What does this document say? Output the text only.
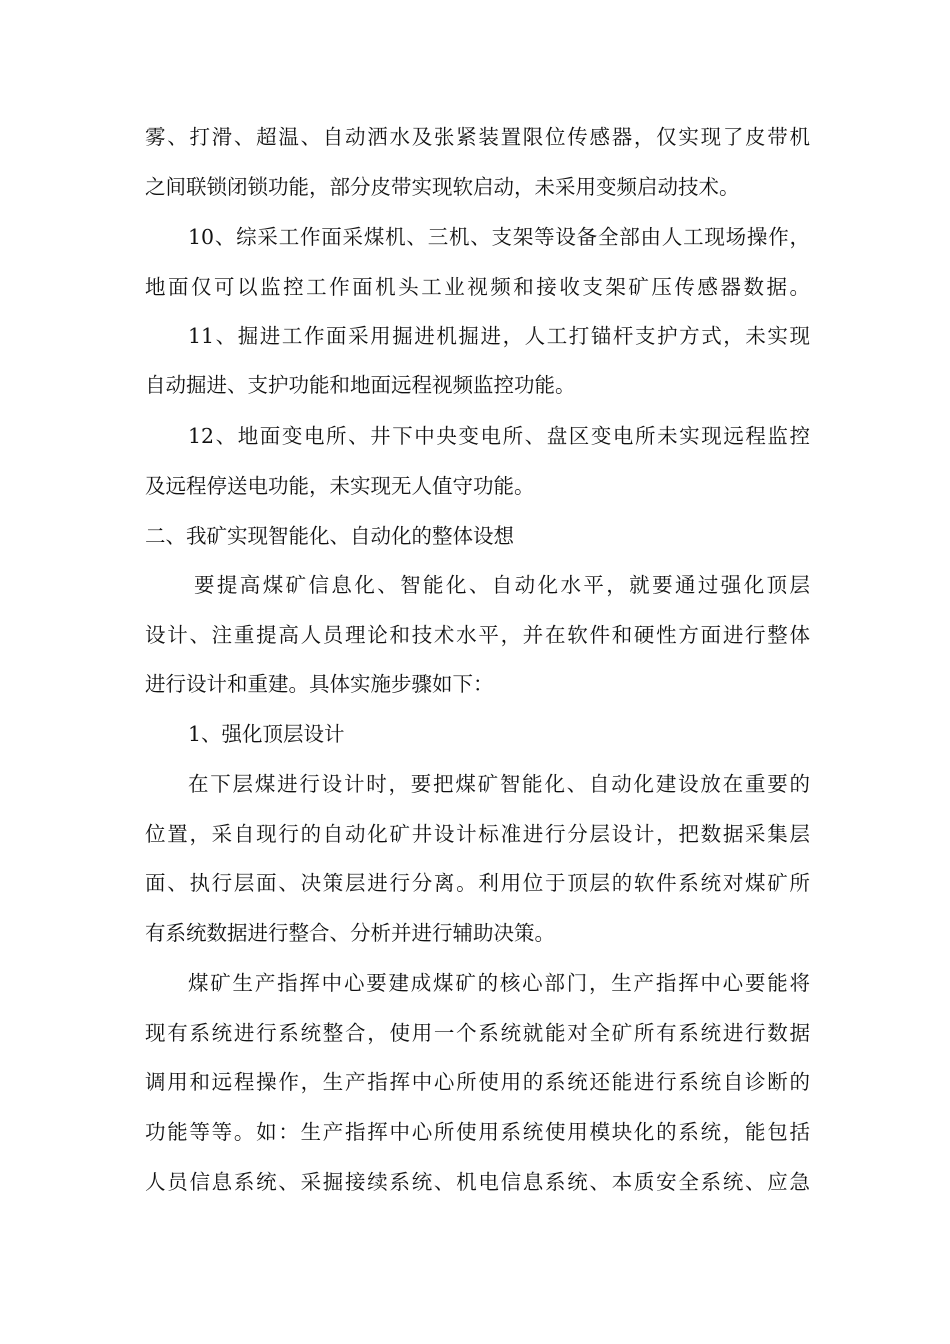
雾、打滑、超温、自动洒水及张紧装置限位传感器，仅实现了皮带机
之间联锁闭锁功能，部分皮带实现软启动，未采用变频启动技术。
10、综采工作面采煤机、三机、支架等设备全部由人工现场操作，
地面仅可以监控工作面机头工业视频和接收支架矿压传感器数据。
11、掘进工作面采用掘进机掘进，人工打锚杆支护方式，未实现
自动掘进、支护功能和地面远程视频监控功能。
12、地面变电所、井下中央变电所、盘区变电所未实现远程监控
及远程停送电功能，未实现无人值守功能。
二、我矿实现智能化、自动化的整体设想
要提高煤矿信息化、智能化、自动化水平，就要通过强化顶层
设计、注重提高人员理论和技术水平，并在软件和硬性方面进行整体
进行设计和重建。具体实施步骤如下：
1、强化顶层设计
在下层煤进行设计时，要把煤矿智能化、自动化建设放在重要的
位置，采自现行的自动化矿井设计标准进行分层设计，把数据采集层
面、执行层面、决策层进行分离。利用位于顶层的软件系统对煤矿所
有系统数据进行整合、分析并进行辅助决策。
煤矿生产指挥中心要建成煤矿的核心部门，生产指挥中心要能将
现有系统进行系统整合，使用一个系统就能对全矿所有系统进行数据
调用和远程操作，生产指挥中心所使用的系统还能进行系统自诊断的
功能等等。如：生产指挥中心所使用系统使用模块化的系统，能包括
人员信息系统、采掘接续系统、机电信息系统、本质安全系统、应急
